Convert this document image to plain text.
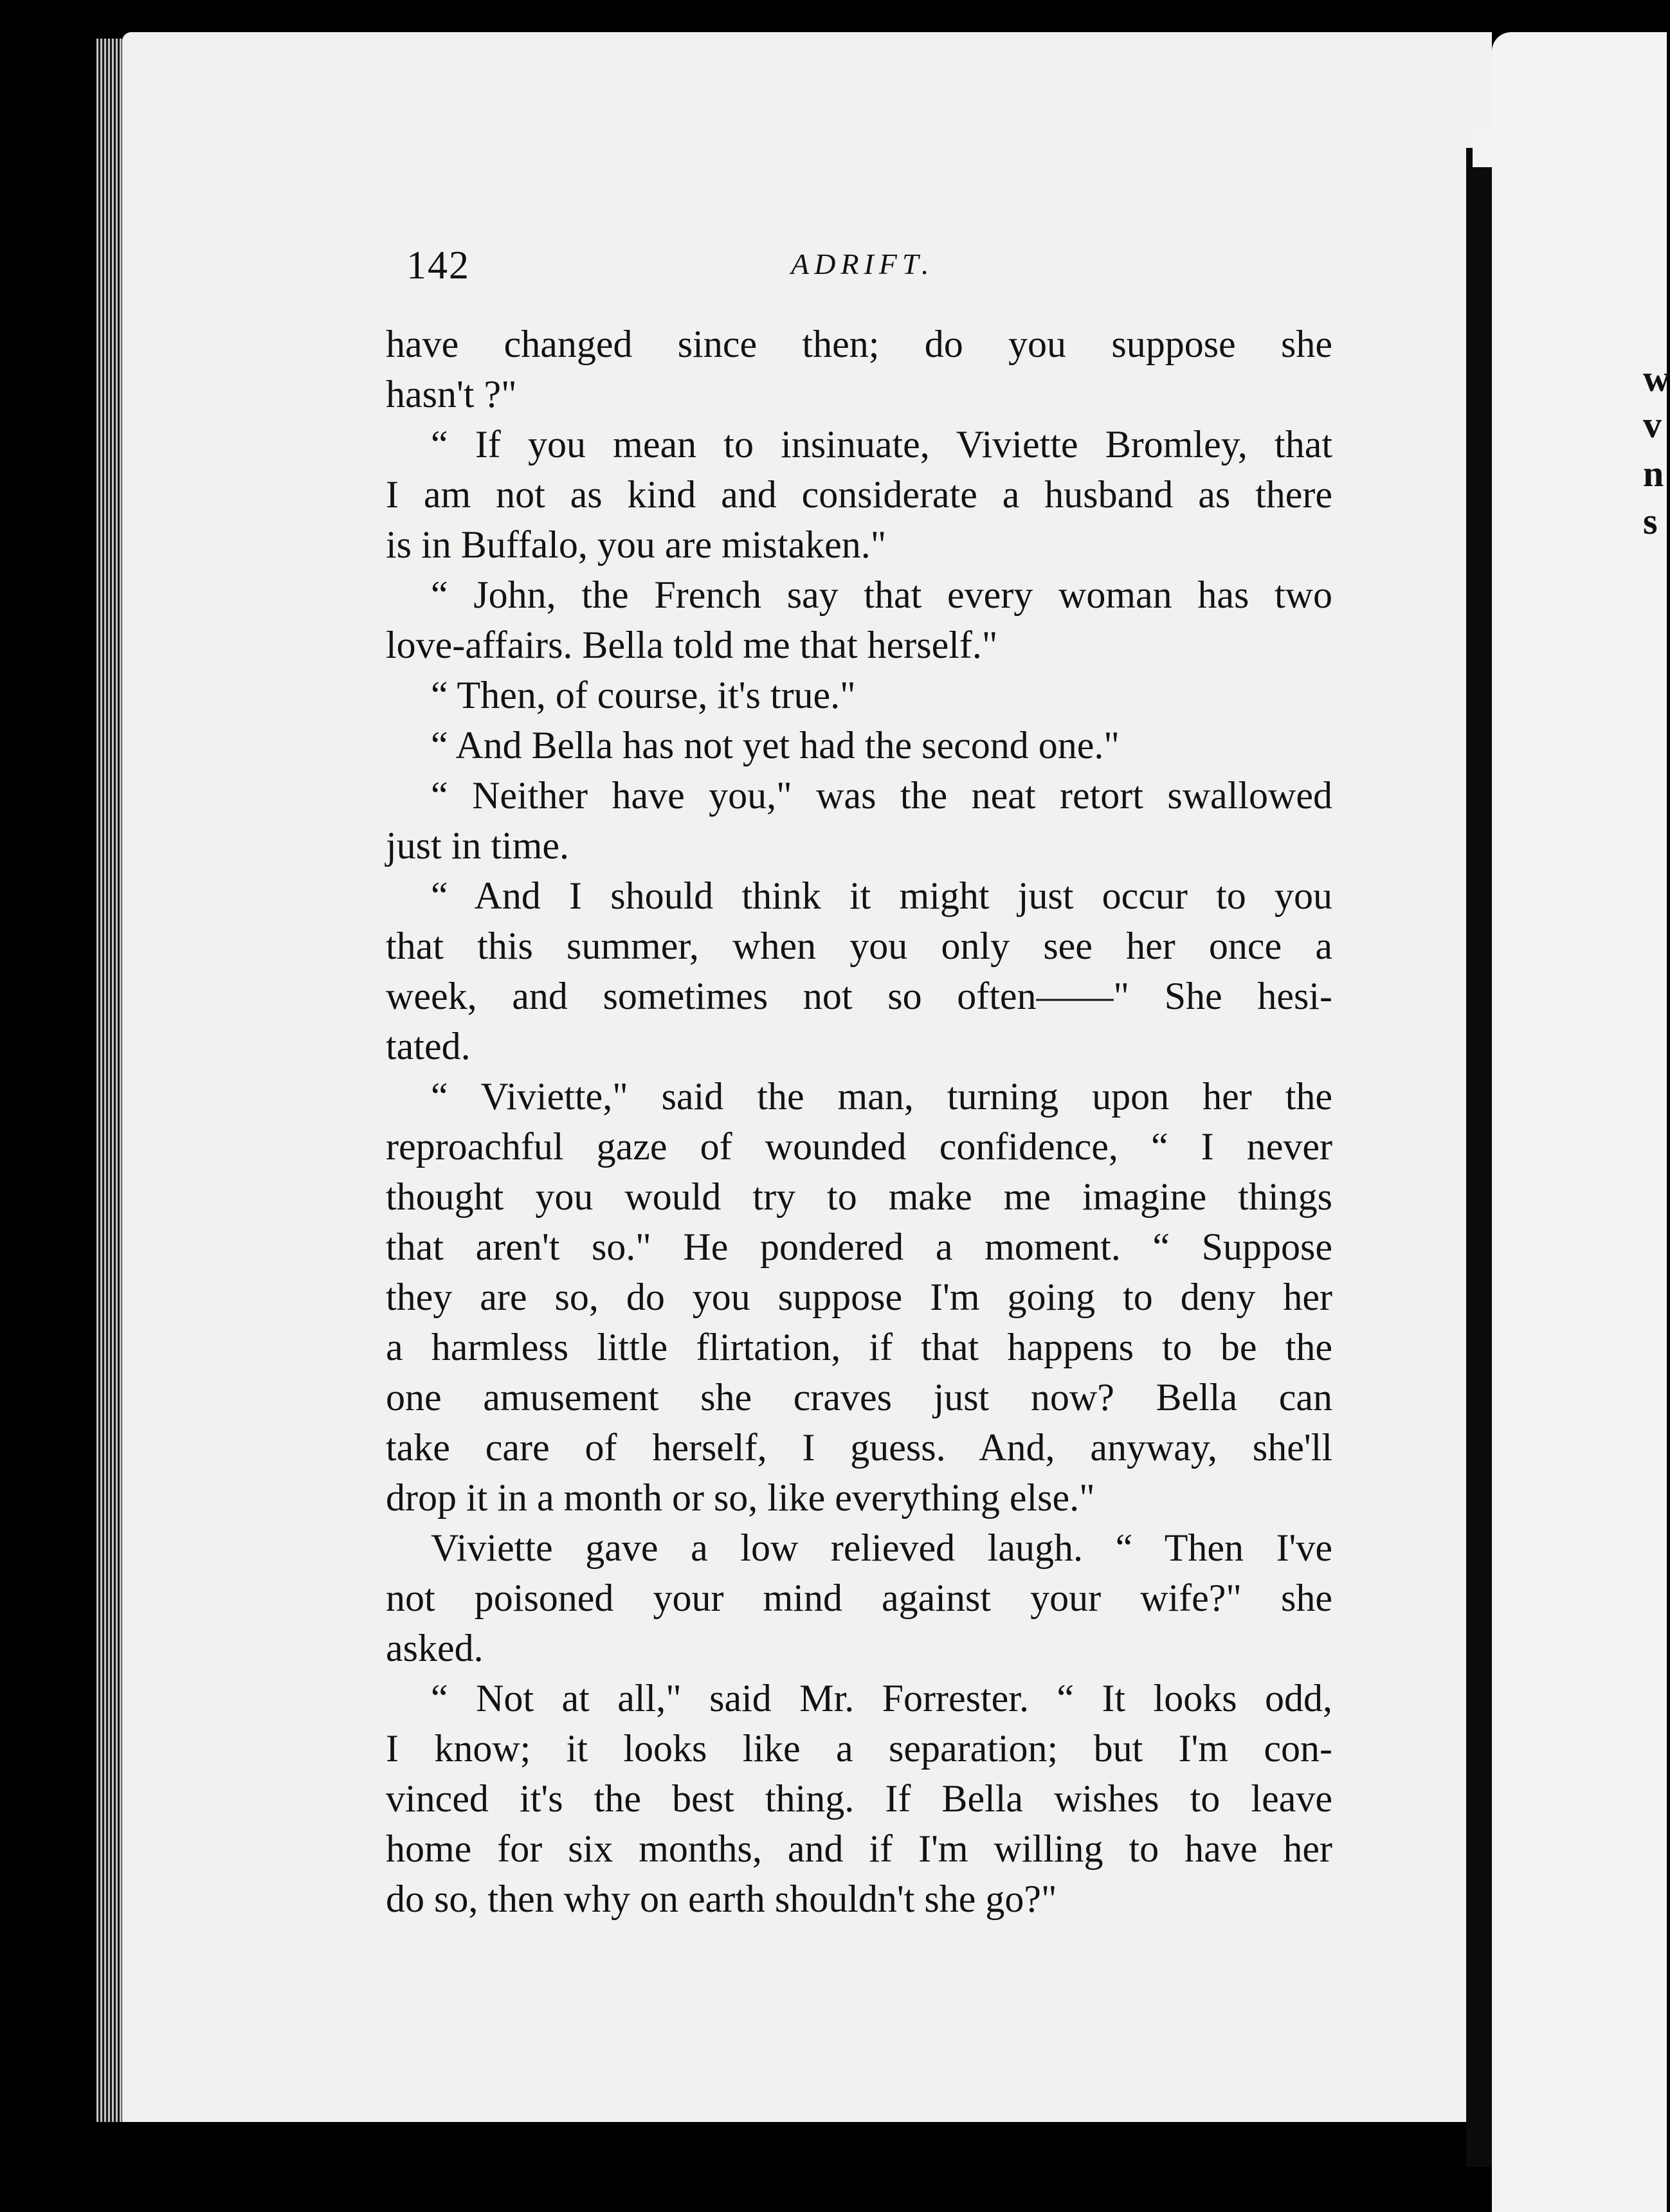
w
v
n
s
142	ADRIFT.
have changed since then; do you suppose she
hasn't ?"
“ If you mean to insinuate, Viviette Bromley, that
I am not as kind and considerate a husband as there
is in Buffalo, you are mistaken."
“ John, the French say that every woman has two
love-affairs. Bella told me that herself."
“ Then, of course, it's true."
“ And Bella has not yet had the second one."
“ Neither have you," was the neat retort swallowed
just in time.
“ And I should think it might just occur to you
that this summer, when you only see her once a
week, and sometimes not so often——" She hesi-
tated.
“ Viviette," said the man, turning upon her the
reproachful gaze of wounded confidence, “ I never
thought you would try to make me imagine things
that aren't so." He pondered a moment. “ Suppose
they are so, do you suppose I'm going to deny her
a harmless little flirtation, if that happens to be the
one amusement she craves just now? Bella can
take care of herself, I guess. And, anyway, she'll
drop it in a month or so, like everything else."
Viviette gave a low relieved laugh. “ Then I've
not poisoned your mind against your wife?" she
asked.
“ Not at all," said Mr. Forrester. “ It looks odd,
I know; it looks like a separation; but I'm con-
vinced it's the best thing. If Bella wishes to leave
home for six months, and if I'm willing to have her
do so, then why on earth shouldn't she go?"
